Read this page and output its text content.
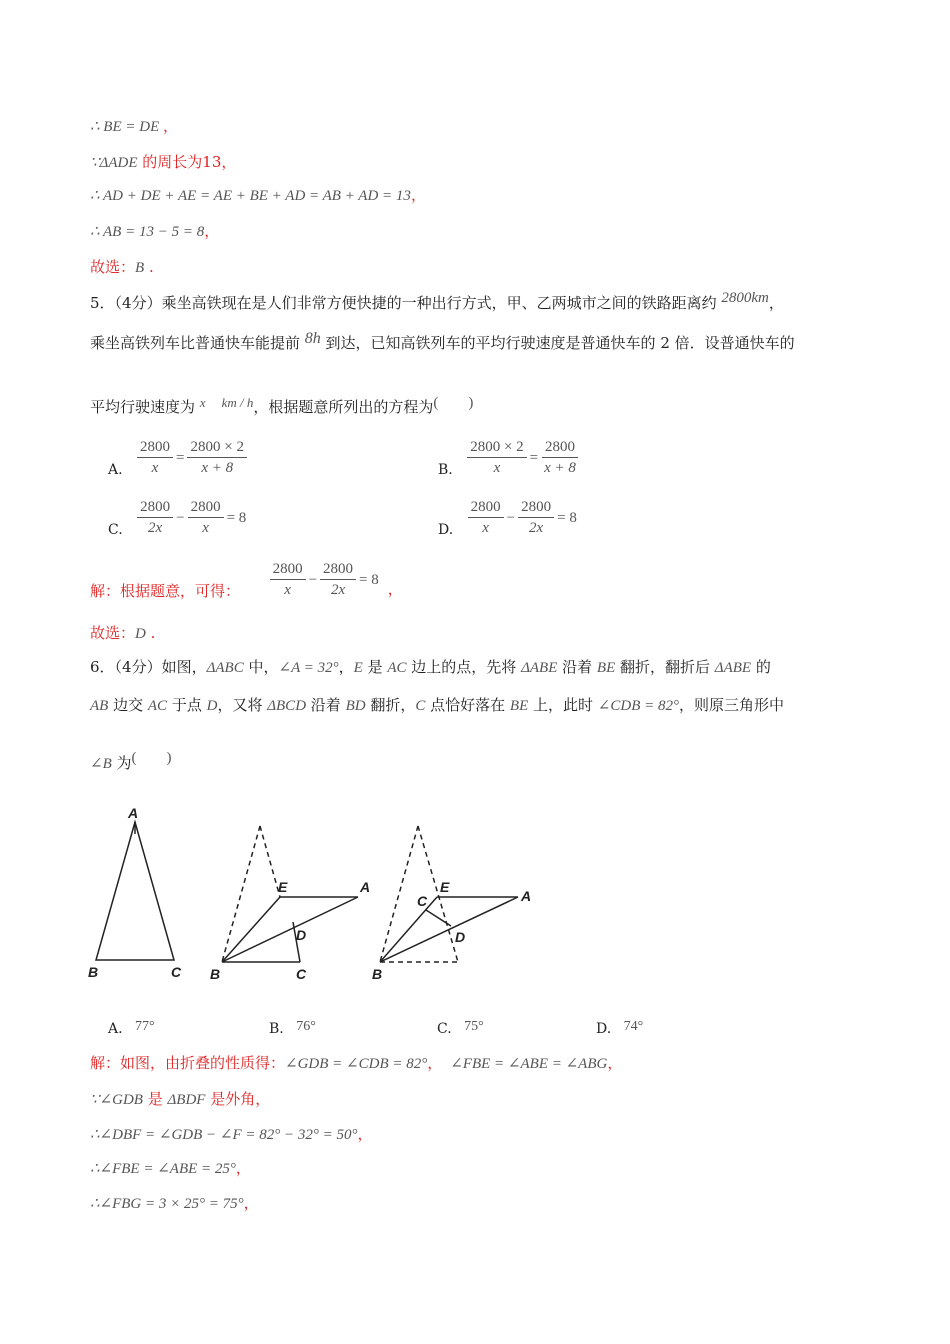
∴ BE = DE ，
∵ΔADE 的周长为13，
∴ AD + DE + AE = AE + BE + AD = AB + AD = 13，
∴ AB = 13 − 5 = 8，
故选：B .
5．（4分）乘坐高铁现在是人们非常方便快捷的一种出行方式，甲、乙两城市之间的铁路距离约 2800km，
乘坐高铁列车比普通快车能提前 8h 到达，已知高铁列车的平均行驶速度是普通快车的 2 倍．设普通快车的
平均行驶速度为 x km / h，根据题意所列出的方程为(　　)
A. $\frac{2800}{x} = \frac{2800 \times 2}{x + 8}$	B. $\frac{2800 \times 2}{x} = \frac{2800}{x + 8}$
C. $\frac{2800}{2x} - \frac{2800}{x} = 8$
D. $\frac{2800}{x} - \frac{2800}{2x} = 8$
解：根据题意，可得： $\frac{2800}{x} - \frac{2800}{2x} = 8$ ，
故选：D .
6．（4分）如图，ΔABC 中，∠A = 32°，E 是 AC 边上的点，先将 ΔABE 沿着 BE 翻折，翻折后 ΔABE 的
AB 边交 AC 于点 D，又将 ΔBCD 沿着 BD 翻折，C 点恰好落在 BE 上，此时 ∠CDB = 82°，则原三角形中
∠B 为(　　)
A
B	C
E	A
D
B	C
C
E
A
D
B
A. 77°	B. 76°	C. 75°	D. 74°
解：如图，由折叠的性质得：∠GDB = ∠CDB = 82°， ∠FBE = ∠ABE = ∠ABG，
∵∠GDB 是 ΔBDF 是外角，
∴∠DBF = ∠GDB − ∠F = 82° − 32° = 50°，
∴∠FBE = ∠ABE = 25°，
∴∠FBG = 3 × 25° = 75°，
